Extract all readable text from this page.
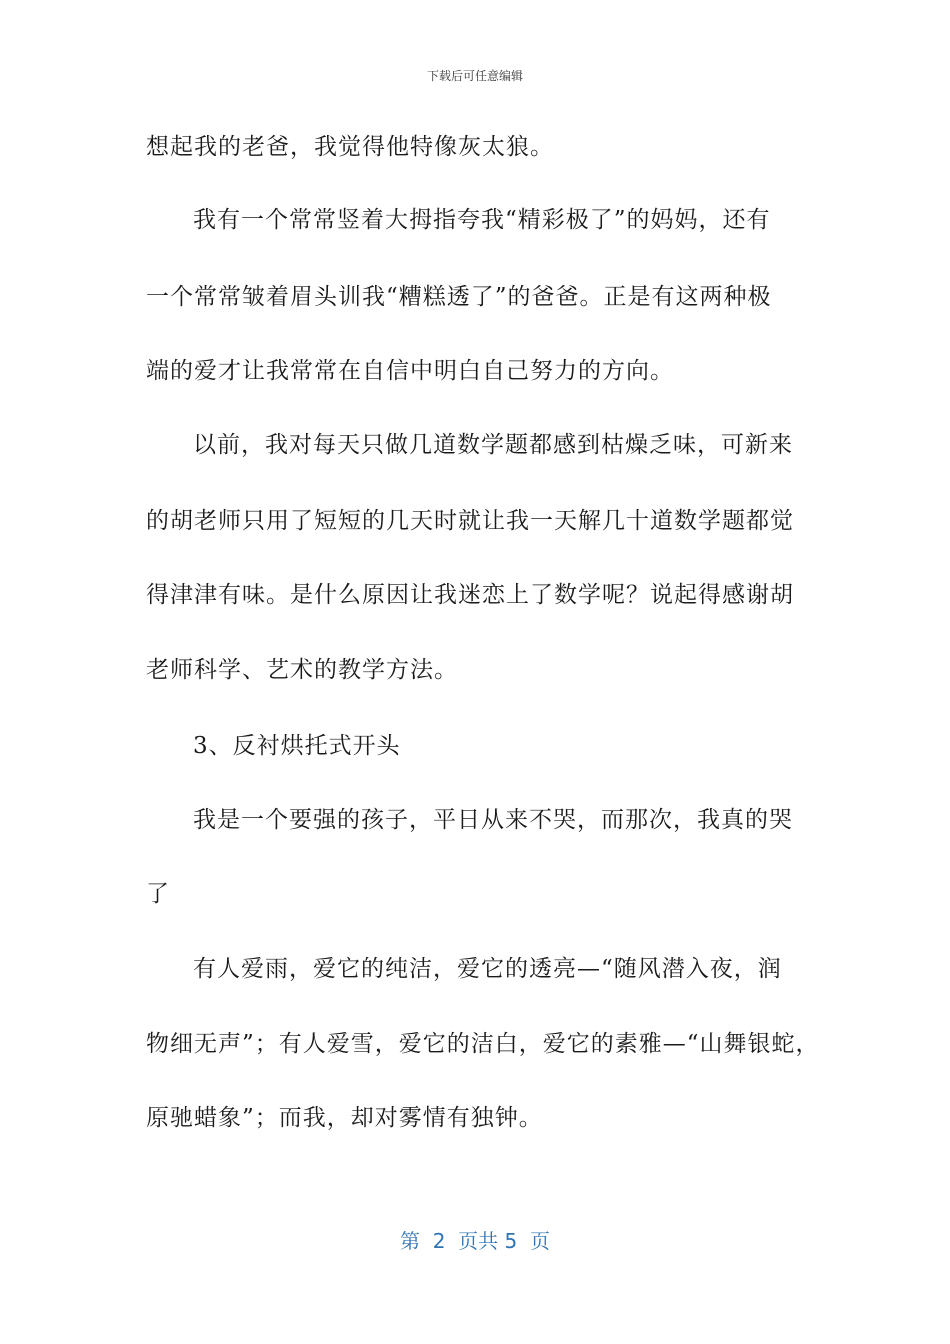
下载后可任意编辑
想起我的老爸，我觉得他特像灰太狼。
我有一个常常竖着大拇指夸我“精彩极了”的妈妈，还有
一个常常皱着眉头训我“糟糕透了”的爸爸。正是有这两种极
端的爱才让我常常在自信中明白自己努力的方向。
以前，我对每天只做几道数学题都感到枯燥乏味，可新来
的胡老师只用了短短的几天时就让我一天解几十道数学题都觉
得津津有味。是什么原因让我迷恋上了数学呢？说起得感谢胡
老师科学、艺术的教学方法。
3、反衬烘托式开头
我是一个要强的孩子，平日从来不哭，而那次，我真的哭
了
有人爱雨，爱它的纯洁，爱它的透亮—“随风潜入夜，润
物细无声”；有人爱雪，爱它的洁白，爱它的素雅—“山舞银蛇，
原驰蜡象”；而我，却对雾情有独钟。
第  2  页共 5  页
